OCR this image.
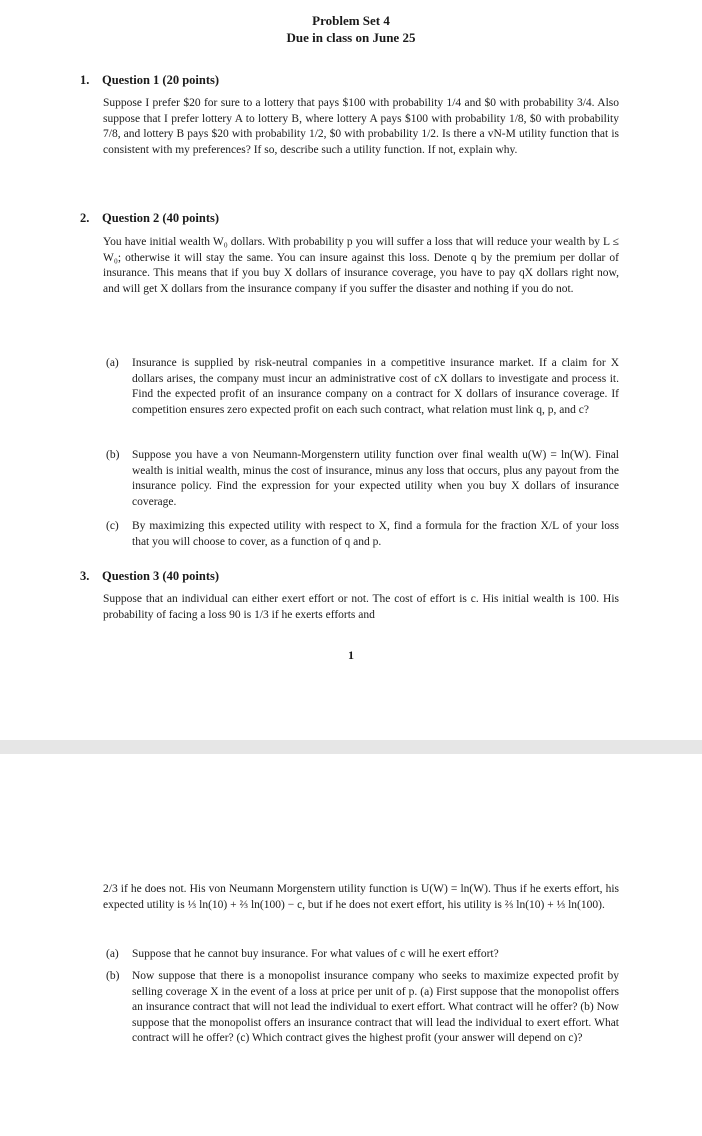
Problem Set 4
Due in class on June 25
1. Question 1 (20 points)

Suppose I prefer $20 for sure to a lottery that pays $100 with probability 1/4 and $0 with probability 3/4. Also suppose that I prefer lottery A to lottery B, where lottery A pays $100 with probability 1/8, $0 with probability 7/8, and lottery B pays $20 with probability 1/2, $0 with probability 1/2. Is there a vN-M utility function that is consistent with my preferences? If so, describe such a utility function. If not, explain why.

2. Question 2 (40 points)

You have initial wealth W₀ dollars. With probability p you will suffer a loss that will reduce your wealth by L ≤ W₀; otherwise it will stay the same. You can insure against this loss. Denote q by the premium per dollar of insurance. This means that if you buy X dollars of insurance coverage, you have to pay qX dollars right now, and will get X dollars from the insurance company if you suffer the disaster and nothing if you do not.

(a) Insurance is supplied by risk-neutral companies in a competitive insurance market. If a claim for X dollars arises, the company must incur an administrative cost of cX dollars to investigate and process it. Find the expected profit of an insurance company on a contract for X dollars of insurance coverage. If competition ensures zero expected profit on each such contract, what relation must link q, p, and c?
(b) Suppose you have a von Neumann-Morgenstern utility function over final wealth u(W) = ln(W). Final wealth is initial wealth, minus the cost of insurance, minus any loss that occurs, plus any payout from the insurance policy. Find the expression for your expected utility when you buy X dollars of insurance coverage.
(c) By maximizing this expected utility with respect to X, find a formula for the fraction X/L of your loss that you will choose to cover, as a function of q and p.
3. Question 3 (40 points)

Suppose that an individual can either exert effort or not. The cost of effort is c. His initial wealth is 100. His probability of facing a loss 90 is 1/3 if he exerts efforts and

1

2/3 if he does not. His von Neumann Morgenstern utility function is U(W) = ln(W). Thus if he exerts effort, his expected utility is ⅓ ln(10) + ⅔ ln(100) − c, but if he does not exert effort, his utility is ⅔ ln(10) + ⅓ ln(100).

(a) Suppose that he cannot buy insurance. For what values of c will he exert effort?
(b) Now suppose that there is a monopolist insurance company who seeks to maximize expected profit by selling coverage X in the event of a loss at price per unit of p. (a) First suppose that the monopolist offers an insurance contract that will not lead the individual to exert effort. What contract will he offer? (b) Now suppose that the monopolist offers an insurance contract that will lead the individual to exert effort. What contract will he offer? (c) Which contract gives the highest profit (your answer will depend on c)?
